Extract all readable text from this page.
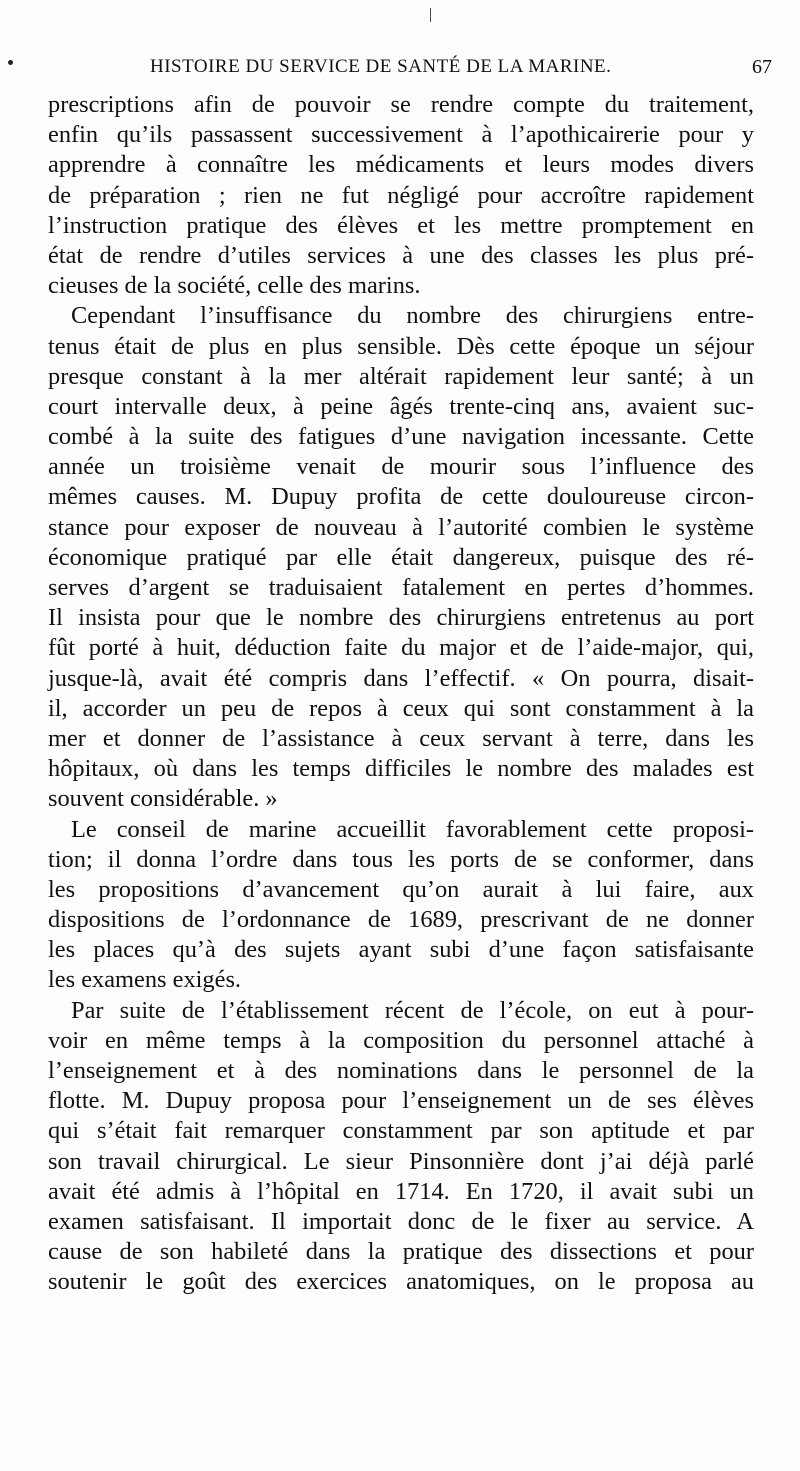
HISTOIRE DU SERVICE DE SANTÉ DE LA MARINE.	67
prescriptions afin de pouvoir se rendre compte du traitement,
enfin qu’ils passassent successivement à l’apothicairerie pour y
apprendre à connaître les médicaments et leurs modes divers
de préparation ; rien ne fut négligé pour accroître rapidement
l’instruction pratique des élèves et les mettre promptement en
état de rendre d’utiles services à une des classes les plus pré-
cieuses de la société, celle des marins.
Cependant l’insuffisance du nombre des chirurgiens entre-
tenus était de plus en plus sensible. Dès cette époque un séjour
presque constant à la mer altérait rapidement leur santé; à un
court intervalle deux, à peine âgés trente-cinq ans, avaient suc-
combé à la suite des fatigues d’une navigation incessante. Cette
année un troisième venait de mourir sous l’influence des
mêmes causes. M. Dupuy profita de cette douloureuse circon-
stance pour exposer de nouveau à l’autorité combien le système
économique pratiqué par elle était dangereux, puisque des ré-
serves d’argent se traduisaient fatalement en pertes d’hommes.
Il insista pour que le nombre des chirurgiens entretenus au port
fût porté à huit, déduction faite du major et de l’aide-major, qui,
jusque-là, avait été compris dans l’effectif. « On pourra, disait-
il, accorder un peu de repos à ceux qui sont constamment à la
mer et donner de l’assistance à ceux servant à terre, dans les
hôpitaux, où dans les temps difficiles le nombre des malades est
souvent considérable. »
Le conseil de marine accueillit favorablement cette proposi-
tion; il donna l’ordre dans tous les ports de se conformer, dans
les propositions d’avancement qu’on aurait à lui faire, aux
dispositions de l’ordonnance de 1689, prescrivant de ne donner
les places qu’à des sujets ayant subi d’une façon satisfaisante
les examens exigés.
Par suite de l’établissement récent de l’école, on eut à pour-
voir en même temps à la composition du personnel attaché à
l’enseignement et à des nominations dans le personnel de la
flotte. M. Dupuy proposa pour l’enseignement un de ses élèves
qui s’était fait remarquer constamment par son aptitude et par
son travail chirurgical. Le sieur Pinsonnière dont j’ai déjà parlé
avait été admis à l’hôpital en 1714. En 1720, il avait subi un
examen satisfaisant. Il importait donc de le fixer au service. A
cause de son habileté dans la pratique des dissections et pour
soutenir le goût des exercices anatomiques, on le proposa au
